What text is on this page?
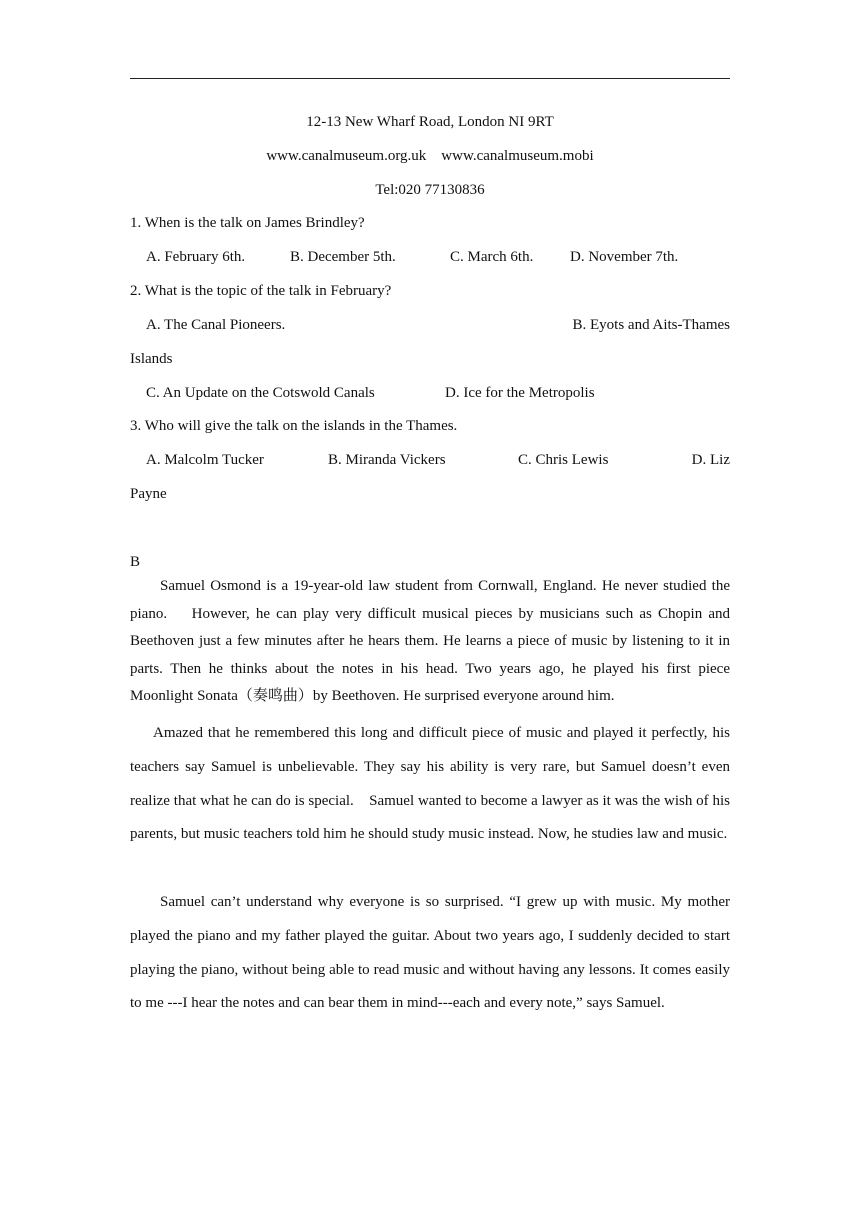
12-13 New Wharf Road, London NI 9RT
www.canalmuseum.org.uk    www.canalmuseum.mobi
Tel:020 77130836
1. When is the talk on James Brindley?
A. February 6th.	B. December 5th.	C. March 6th. D. November 7th.
2. What is the topic of the talk in February?
A. The Canal Pioneers.	B. Eyots and Aits-Thames
Islands
C. An Update on the Cotswold Canals	D. Ice for the Metropolis
3. Who will give the talk on the islands in the Thames.
A. Malcolm Tucker	B. Miranda Vickers	C. Chris Lewis	D. Liz
Payne
B
Samuel Osmond is a 19-year-old law student from Cornwall, England. He never studied the piano.    However, he can play very difficult musical pieces by musicians such as Chopin and Beethoven just a few minutes after he hears them. He learns a piece of music by listening to it in parts. Then he thinks about the notes in his head. Two years ago, he played his first piece Moonlight Sonata（奏鸣曲）by Beethoven. He surprised everyone around him.
Amazed that he remembered this long and difficult piece of music and played it perfectly, his teachers say Samuel is unbelievable. They say his ability is very rare, but Samuel doesn’t even realize that what he can do is special.    Samuel wanted to become a lawyer as it was the wish of his parents, but music teachers told him he should study music instead. Now, he studies law and music.
Samuel can’t understand why everyone is so surprised. “I grew up with music. My mother played the piano and my father played the guitar. About two years ago, I suddenly decided to start playing the piano, without being able to read music and without having any lessons. It comes easily to me ---I hear the notes and can bear them in mind---each and every note,” says Samuel.
